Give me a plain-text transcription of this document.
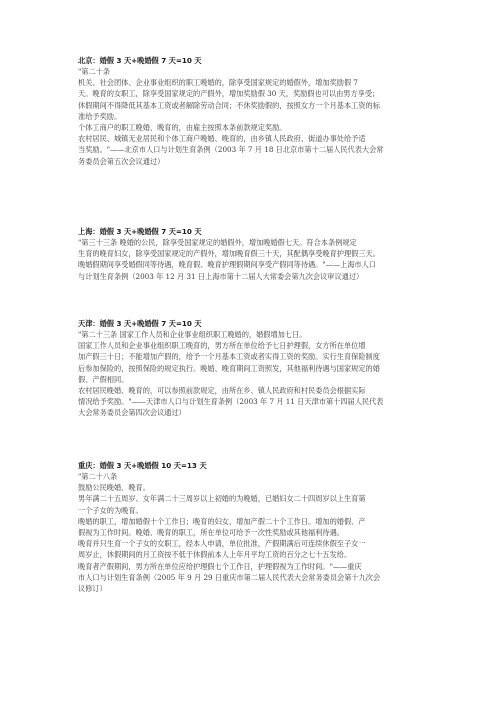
北京：婚假 3 天+晚婚假 7 天=10 天

"第二十条

机关、社会团体、企业事业组织的职工晚婚的，除享受国家规定的婚假外，增加奖励假 7

天。晚育的女职工，除享受国家规定的产假外，增加奖励假 30 天，奖励假也可以由男方享受；

休假期间不得降低其基本工资或者解除劳动合同；不休奖励假的，按照女方一个月基本工资的标

准给予奖励。

个体工商户的职工晚婚、晚育的，由雇主按照本条前款规定奖励。

农村居民、城镇无业居民和个体工商户晚婚、晚育的，由乡镇人民政府、街道办事处给予适

当奖励。"——北京市人口与计划生育条例（2003 年 7 月 18 日北京市第十二届人民代表大会常

务委员会第五次会议通过）

上海：婚假 3 天+晚婚假 7 天=10 天

"第三十三条 晚婚的公民，除享受国家规定的婚假外，增加晚婚假七天。符合本条例规定

生育的晚育妇女，除享受国家规定的产假外，增加晚育假三十天，其配偶享受晚育护理假三天。

晚婚假期间享受婚假同等待遇，晚育假、晚育护理假期间享受产假同等待遇。"——上海市人口

与计划生育条例（2003 年 12 月 31 日上海市第十二届人大常委会第九次会议审议通过）

天津：婚假 3 天+晚婚假 7 天=10 天

"第二十三条 国家工作人员和企业事业组织职工晚婚的，婚假增加七日。

国家工作人员和企业事业组织职工晚育的，男方所在单位给予七日护理假，女方所在单位增

加产假三十日；不能增加产假的，给予一个月基本工资或者实得工资的奖励。实行生育保险制度

后参加保险的，按照保险的规定执行。晚婚、晚育期间工资照发，其他福利待遇与国家规定的婚

假、产假相同。

农村居民晚婚、晚育的，可以参照前款规定，由所在乡、镇人民政府和村民委员会根据实际

情况给予奖励。"——天津市人口与计划生育条例（2003 年 7 月 11 日天津市第十四届人民代表

大会常务委员会第四次会议通过）

重庆：婚假 3 天+晚婚假 10 天=13 天

"第二十八条

鼓励公民晚婚、晚育。

男年满二十五周岁、女年满二十三周岁以上初婚的为晚婚，已婚妇女二十四周岁以上生育第

一个子女的为晚育。

晚婚的职工，增加婚假十个工作日；晚育的妇女，增加产假二十个工作日。增加的婚假、产

假视为工作时间。晚婚、晚育的职工，所在单位可给予一次性奖励或其他福利待遇。

晚育并只生育一个子女的女职工，经本人申请，单位批准，产假期满后可连续休假至子女一

周岁止，休假期间的月工资按不低于休假前本人上年月平均工资的百分之七十五发给。

晚育者产假期间，男方所在单位应给护理假七个工作日，护理假视为工作时间。"——重庆

市人口与计划生育条例（2005 年 9 月 29 日重庆市第二届人民代表大会常务委员会第十九次会

议修订）
